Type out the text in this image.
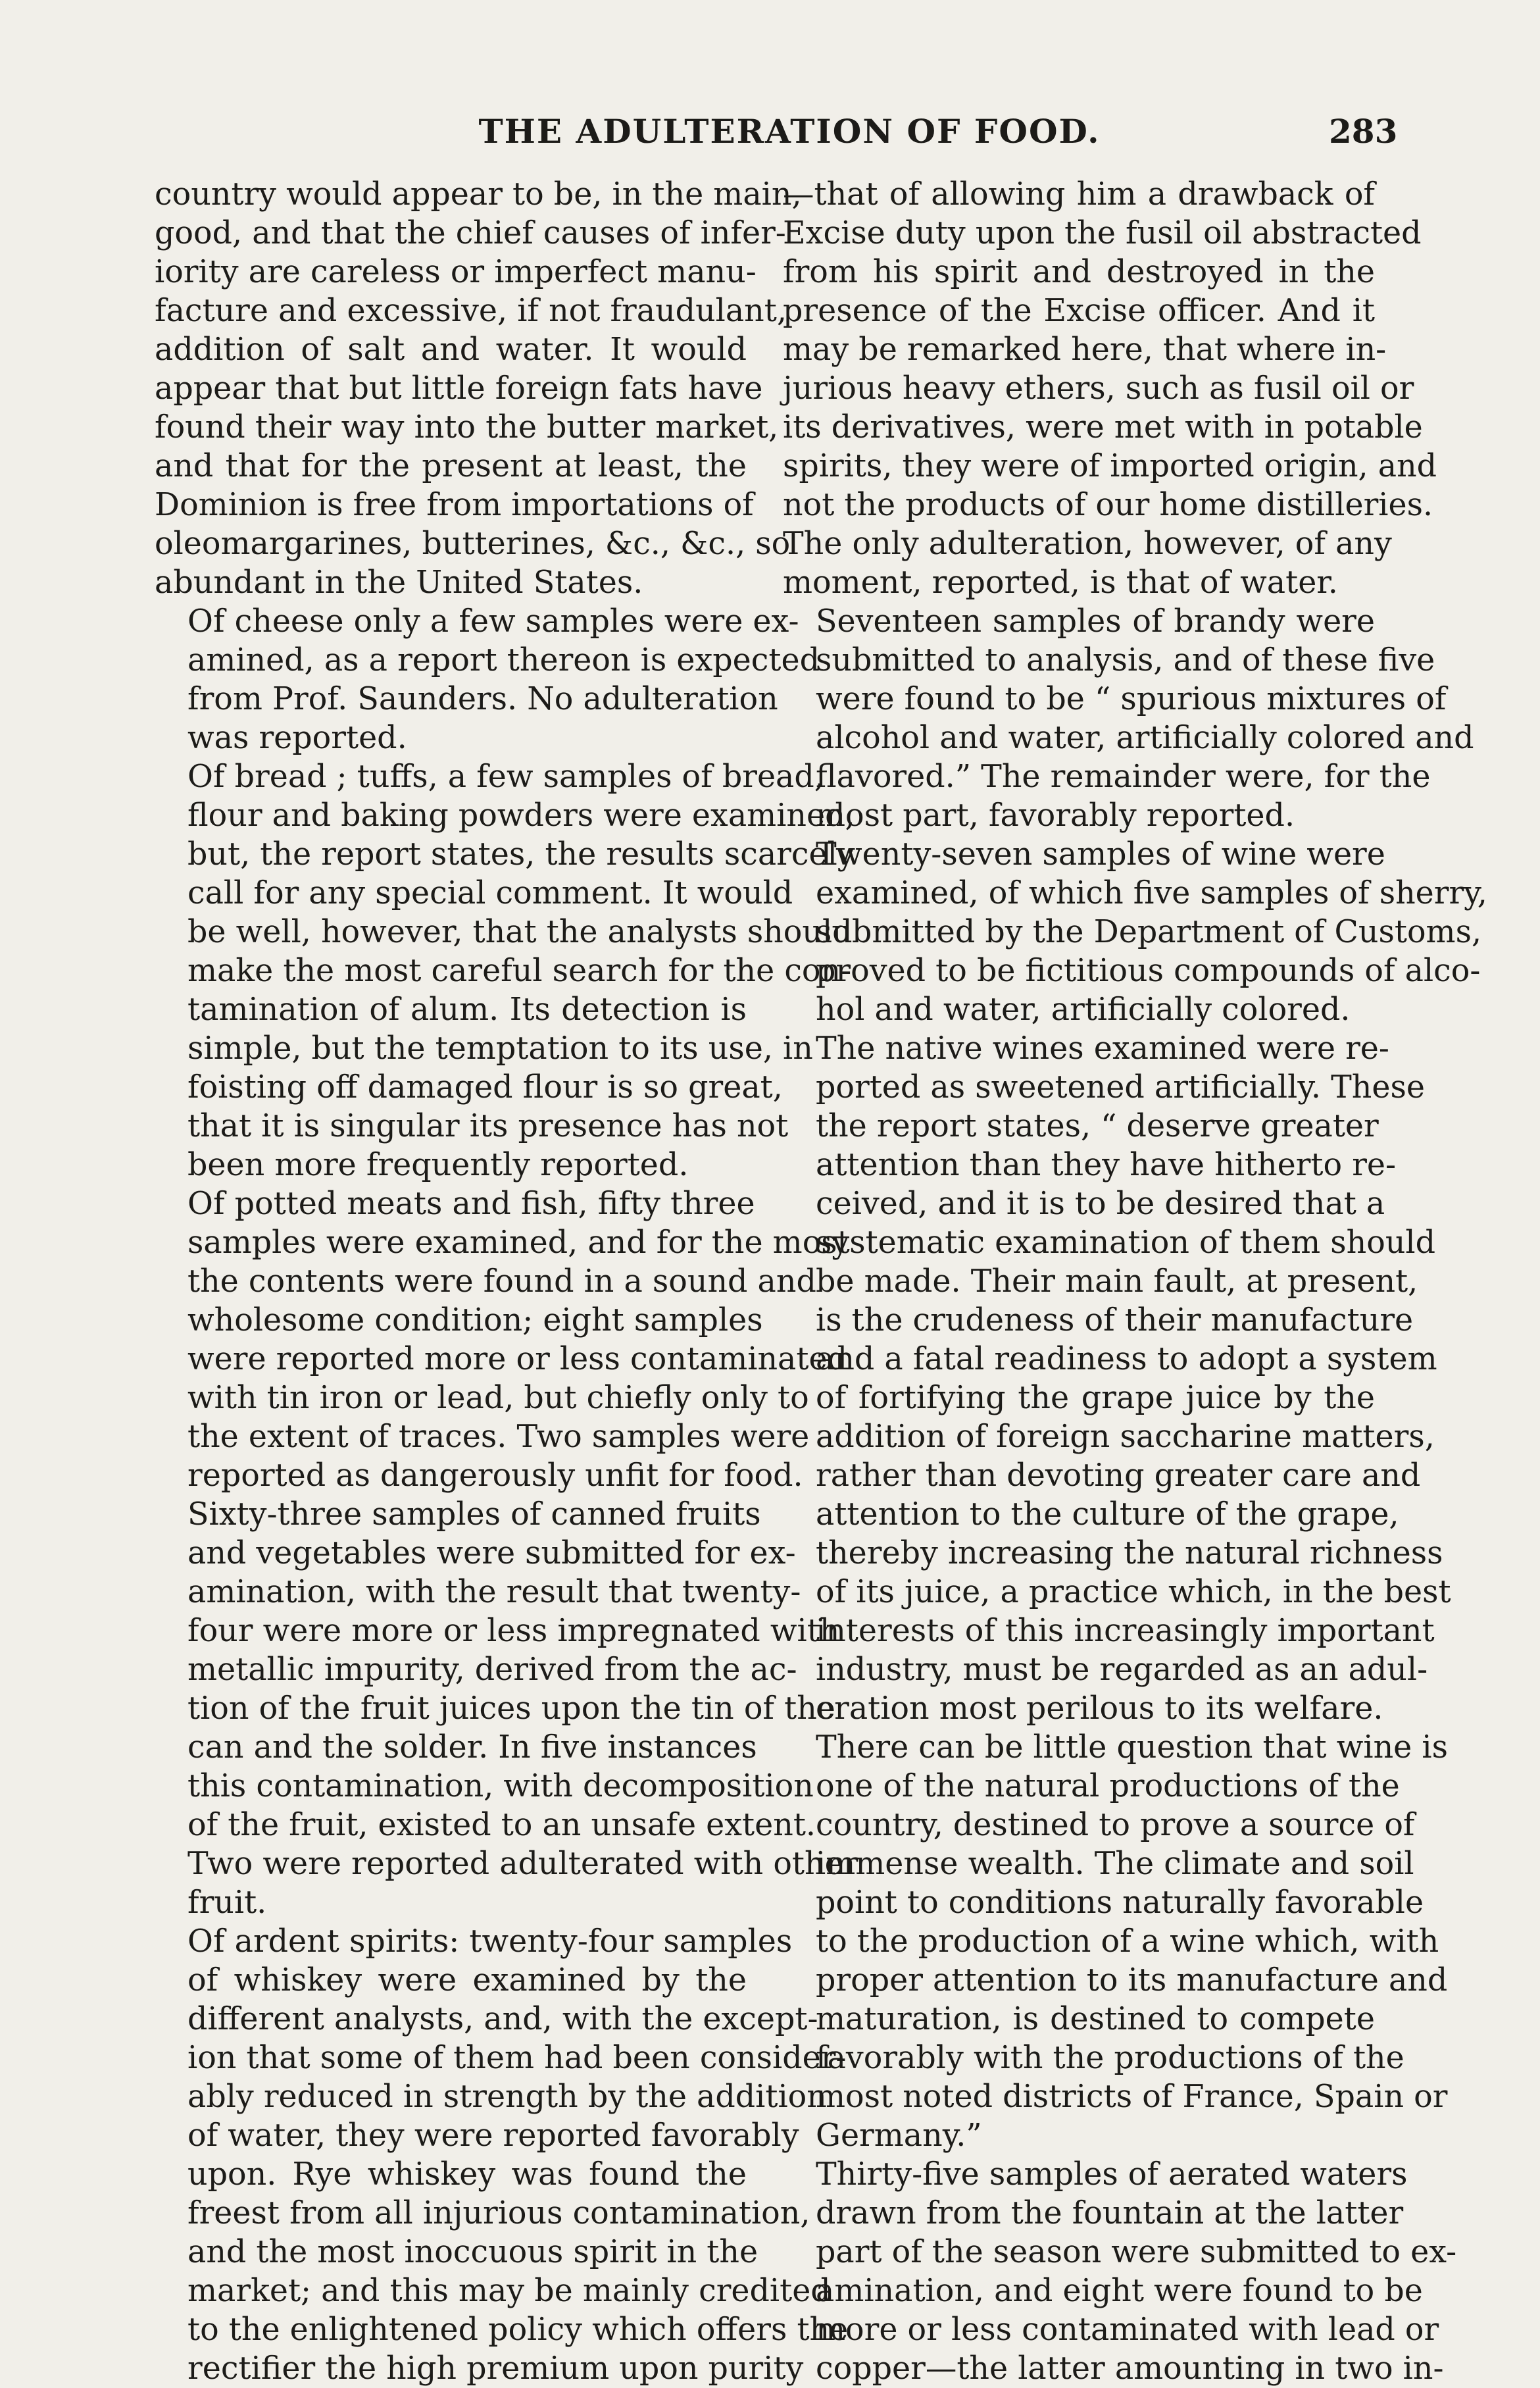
THE ADULTERATION OF FOOD.	283

country would appear to be, in the main,
good, and that the chief causes of infer-
iority are careless or imperfect manu-
facture and excessive, if not fraudulant,
addition of salt and water. It would
appear that but little foreign fats have
found their way into the butter market,
and that for the present at least, the
Dominion is free from importations of
oleomargarines, butterines, &c., &c., so
abundant in the United States.

Of cheese only a few samples were ex-
amined, as a report thereon is expected
from Prof. Saunders. No adulteration
was reported.

Of bread ; tuffs, a few samples of bread,
flour and baking powders were examined,
but, the report states, the results scarcely
call for any special comment. It would
be well, however, that the analysts should
make the most careful search for the con-
tamination of alum. Its detection is
simple, but the temptation to its use, in
foisting off damaged flour is so great,
that it is singular its presence has not
been more frequently reported.

Of potted meats and fish, fifty three
samples were examined, and for the most
the contents were found in a sound and
wholesome condition; eight samples
were reported more or less contaminated
with tin iron or lead, but chiefly only to
the extent of traces. Two samples were
reported as dangerously unfit for food.

Sixty-three samples of canned fruits
and vegetables were submitted for ex-
amination, with the result that twenty-
four were more or less impregnated with
metallic impurity, derived from the ac-
tion of the fruit juices upon the tin of the
can and the solder. In five instances
this contamination, with decomposition
of the fruit, existed to an unsafe extent.
Two were reported adulterated with other
fruit.

Of ardent spirits: twenty-four samples
of whiskey were examined by the
different analysts, and, with the except-
ion that some of them had been consider-
ably reduced in strength by the addition
of water, they were reported favorably
upon. Rye whiskey was found the
freest from all injurious contamination,
and the most inoccuous spirit in the
market; and this may be mainly credited
to the enlightened policy which offers the
rectifier the high premium upon purity

—that of allowing him a drawback of
Excise duty upon the fusil oil abstracted
from his spirit and destroyed in the
presence of the Excise officer. And it
may be remarked here, that where in-
jurious heavy ethers, such as fusil oil or
its derivatives, were met with in potable
spirits, they were of imported origin, and
not the products of our home distilleries.
The only adulteration, however, of any
moment, reported, is that of water.

Seventeen samples of brandy were
submitted to analysis, and of these five
were found to be “ spurious mixtures of
alcohol and water, artificially colored and
flavored.” The remainder were, for the
most part, favorably reported.

Twenty-seven samples of wine were
examined, of which five samples of sherry,
submitted by the Department of Customs,
proved to be fictitious compounds of alco-
hol and water, artificially colored.

The native wines examined were re-
ported as sweetened artificially. These
the report states, “ deserve greater
attention than they have hitherto re-
ceived, and it is to be desired that a
systematic examination of them should
be made. Their main fault, at present,
is the crudeness of their manufacture
and a fatal readiness to adopt a system
of fortifying the grape juice by the
addition of foreign saccharine matters,
rather than devoting greater care and
attention to the culture of the grape,
thereby increasing the natural richness
of its juice, a practice which, in the best
interests of this increasingly important
industry, must be regarded as an adul-
eration most perilous to its welfare.
There can be little question that wine is
one of the natural productions of the
country, destined to prove a source of
immense wealth. The climate and soil
point to conditions naturally favorable
to the production of a wine which, with
proper attention to its manufacture and
maturation, is destined to compete
favorably with the productions of the
most noted districts of France, Spain or
Germany.”

Thirty-five samples of aerated waters
drawn from the fountain at the latter
part of the season were submitted to ex-
amination, and eight were found to be
more or less contaminated with lead or
copper—the latter amounting in two in-
